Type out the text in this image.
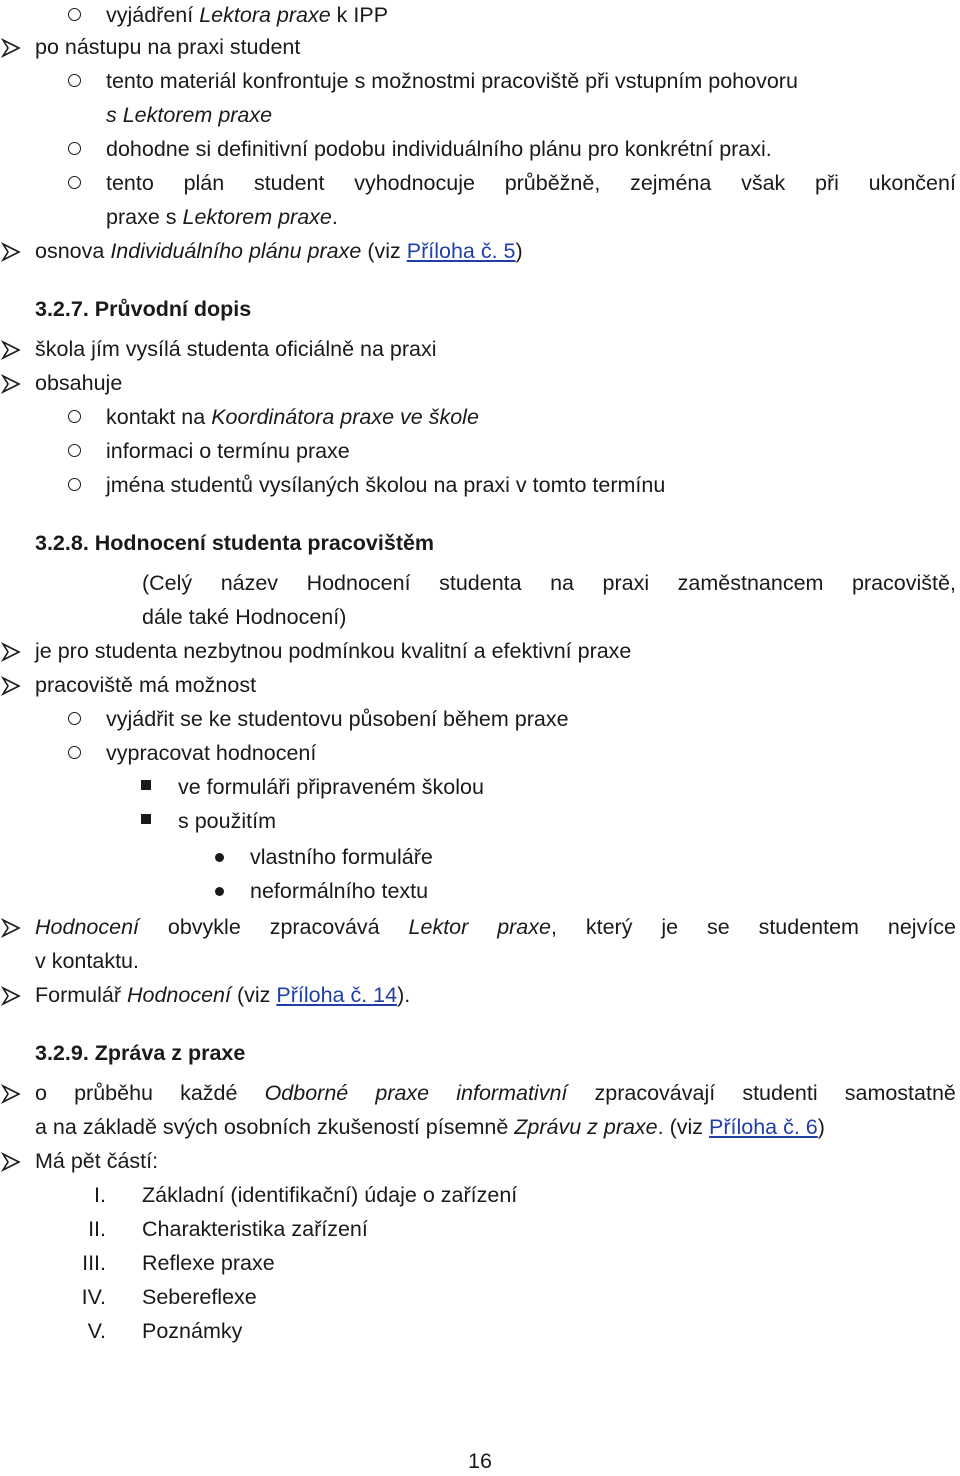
vyjádření Lektora praxe k IPP
po nástupu na praxi student
tento materiál konfrontuje s možnostmi pracoviště při vstupním pohovoru
s Lektorem praxe
dohodne si definitivní podobu individuálního plánu pro konkrétní praxi.
tento plán student vyhodnocuje průběžně, zejména však při ukončení
praxe s Lektorem praxe.
osnova Individuálního plánu praxe (viz Příloha č. 5)
3.2.7. Průvodní dopis
škola jím vysílá studenta oficiálně na praxi
obsahuje
kontakt na Koordinátora praxe ve škole
informaci o termínu praxe
jména studentů vysílaných školou na praxi v tomto termínu
3.2.8. Hodnocení studenta pracovištěm
(Celý název Hodnocení studenta na praxi zaměstnancem pracoviště,
dále také Hodnocení)
je pro studenta nezbytnou podmínkou kvalitní a efektivní praxe
pracoviště má možnost
vyjádřit se ke studentovu působení během praxe
vypracovat hodnocení
ve formuláři připraveném školou
s použitím
vlastního formuláře
neformálního textu
Hodnocení obvykle zpracovává Lektor praxe, který je se studentem nejvíce
v kontaktu.
Formulář Hodnocení (viz Příloha č. 14).
3.2.9. Zpráva z praxe
o průběhu každé Odborné praxe informativní zpracovávají studenti samostatně
a na základě svých osobních zkušeností písemně Zprávu z praxe. (viz Příloha č. 6)
Má pět částí:
I. Základní (identifikační) údaje o zařízení
II. Charakteristika zařízení
III. Reflexe praxe
IV. Sebereflexe
V. Poznámky
16
